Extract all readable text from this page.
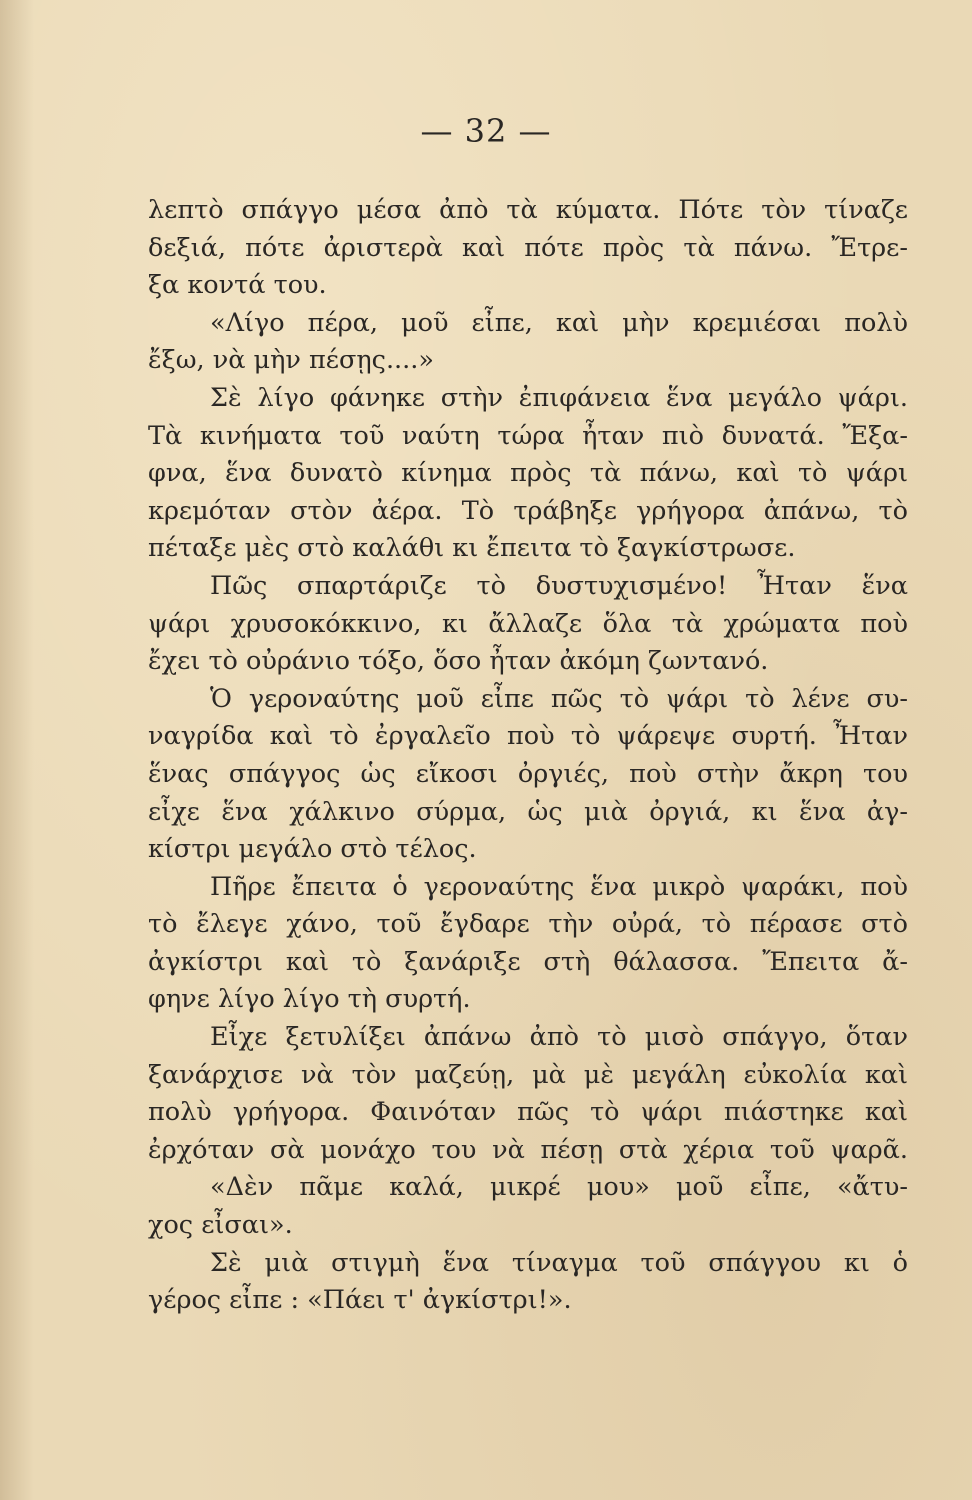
— 32 —
λεπτὸ σπάγγο μέσα ἀπὸ τὰ κύματα. Πότε τὸν τίναζε
δεξιά, πότε ἀριστερὰ καὶ πότε πρὸς τὰ πάνω. Ἔτρε-
ξα κοντά του.
«Λίγο πέρα, μοῦ εἶπε, καὶ μὴν κρεμιέσαι πολὺ
ἔξω, νὰ μὴν πέσῃς....»
Σὲ λίγο φάνηκε στὴν ἐπιφάνεια ἕνα μεγάλο ψάρι.
Τὰ κινήματα τοῦ ναύτη τώρα ἦταν πιὸ δυνατά. Ἔξα-
φνα, ἕνα δυνατὸ κίνημα πρὸς τὰ πάνω, καὶ τὸ ψάρι
κρεμόταν στὸν ἀέρα. Τὸ τράβηξε γρήγορα ἀπάνω, τὸ
πέταξε μὲς στὸ καλάθι κι ἔπειτα τὸ ξαγκίστρωσε.
Πῶς σπαρτάριζε τὸ δυστυχισμένο! Ἦταν ἕνα
ψάρι χρυσοκόκκινο, κι ἄλλαζε ὅλα τὰ χρώματα ποὺ
ἔχει τὸ οὐράνιο τόξο, ὅσο ἦταν ἀκόμη ζωντανό.
Ὁ γεροναύτης μοῦ εἶπε πῶς τὸ ψάρι τὸ λένε συ-
ναγρίδα καὶ τὸ ἐργαλεῖο ποὺ τὸ ψάρεψε συρτή. Ἦταν
ἕνας σπάγγος ὡς εἴκοσι ὀργιές, ποὺ στὴν ἄκρη του
εἶχε ἕνα χάλκινο σύρμα, ὡς μιὰ ὀργιά, κι ἕνα ἀγ-
κίστρι μεγάλο στὸ τέλος.
Πῆρε ἔπειτα ὁ γεροναύτης ἕνα μικρὸ ψαράκι, ποὺ
τὸ ἔλεγε χάνο, τοῦ ἔγδαρε τὴν οὐρά, τὸ πέρασε στὸ
ἀγκίστρι καὶ τὸ ξανάριξε στὴ θάλασσα. Ἔπειτα ἄ-
φηνε λίγο λίγο τὴ συρτή.
Εἶχε ξετυλίξει ἀπάνω ἀπὸ τὸ μισὸ σπάγγο, ὅταν
ξανάρχισε νὰ τὸν μαζεύῃ, μὰ μὲ μεγάλη εὐκολία καὶ
πολὺ γρήγορα. Φαινόταν πῶς τὸ ψάρι πιάστηκε καὶ
ἐρχόταν σὰ μονάχο του νὰ πέσῃ στὰ χέρια τοῦ ψαρᾶ.
«Δὲν πᾶμε καλά, μικρέ μου» μοῦ εἶπε, «ἄτυ-
χος εἶσαι».
Σὲ μιὰ στιγμὴ ἕνα τίναγμα τοῦ σπάγγου κι ὁ
γέρος εἶπε : «Πάει τ' ἀγκίστρι!».
